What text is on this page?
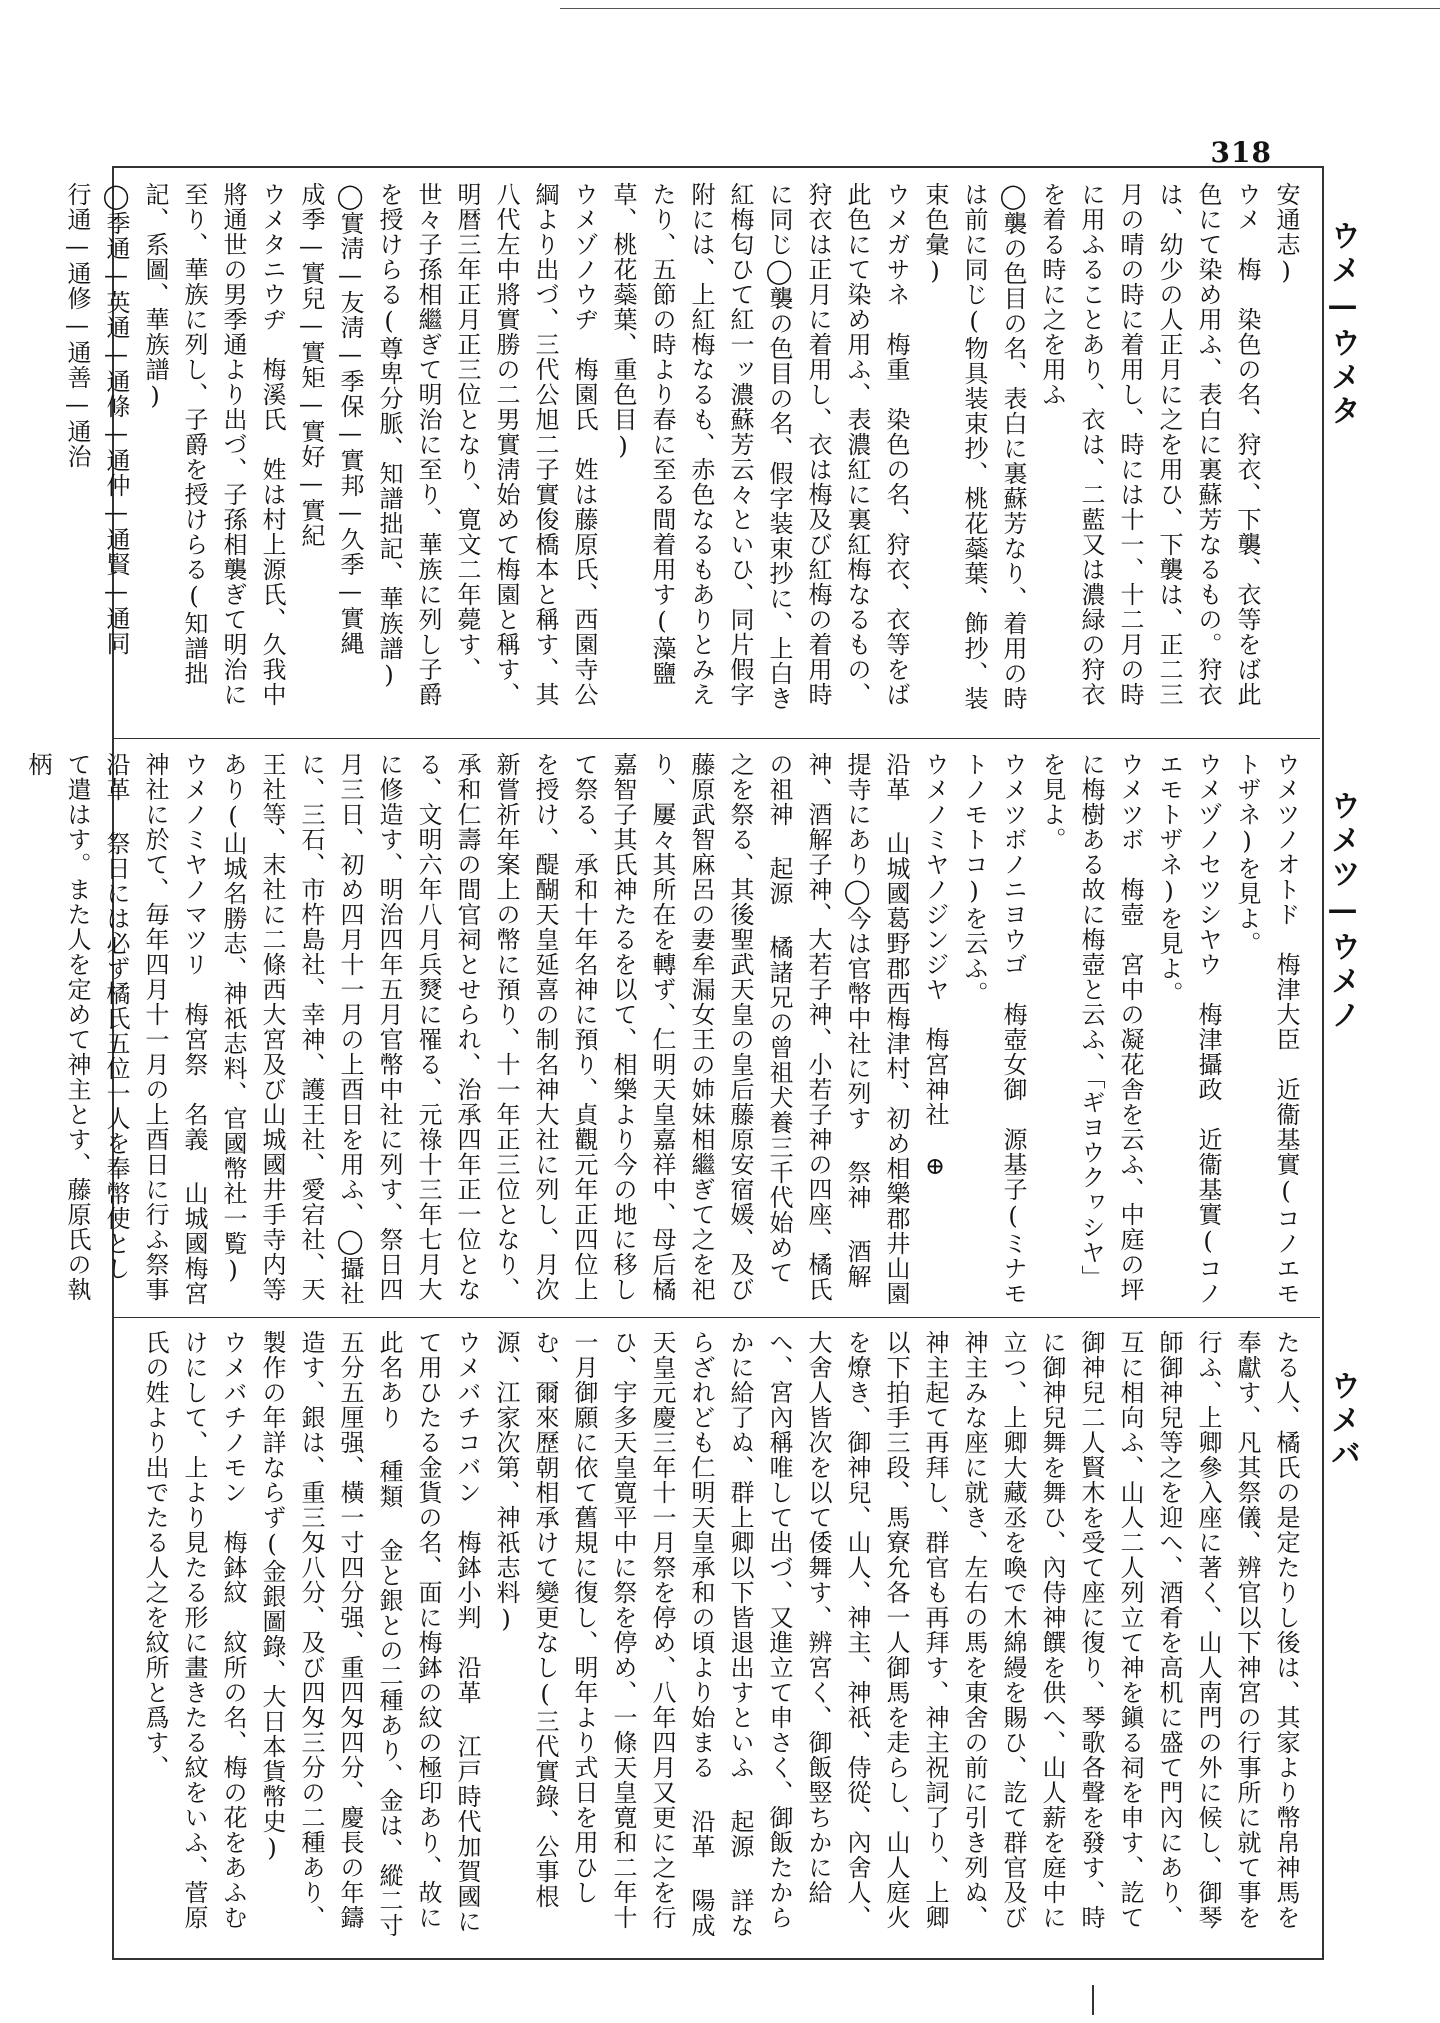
318
ウメ—ウメタ
ウメツ—ウメノ
ウメバ

安通志)

ウメ　梅　染色の名、狩衣、下襲、衣等をば此色にて染め用ふ、表白に裏蘇芳なるもの。狩衣は、幼少の人正月に之を用ひ、下襲は、正二三月の晴の時に着用し、時には十一、十二月の時に用ふることあり、衣は、二藍又は濃緑の狩衣を着る時に之を用ふ

◯襲の色目の名、表白に裏蘇芳なり、着用の時は前に同じ(物具装束抄、桃花蘂葉、飾抄、装束色彙)

ウメガサネ　梅重　染色の名、狩衣、衣等をば此色にて染め用ふ、表濃紅に裏紅梅なるもの、狩衣は正月に着用し、衣は梅及び紅梅の着用時に同じ◯襲の色目の名、假字装束抄に、上白き紅梅匂ひて紅一ッ濃蘇芳云々といひ、同片假字附には、上紅梅なるも、赤色なるもありとみえたり、五節の時より春に至る間着用す(藻鹽草、桃花蘂葉、重色目)

ウメゾノウヂ　梅園氏　姓は藤原氏、西園寺公綱より出づ、三代公旭二子實俊橋本と稱す、其八代左中將實勝の二男實淸始めて梅園と稱す、明暦三年正月正三位となり、寛文二年薨す、世々子孫相繼ぎて明治に至り、華族に列し子爵を授けらる(尊卑分脈、知譜拙記、華族譜)

◯實淸—友淸—季保—實邦—久季—實縄

成季—實兒—實矩—實好—實紀

ウメタニウヂ　梅溪氏　姓は村上源氏、久我中將通世の男季通より出づ、子孫相襲ぎて明治に至り、華族に列し、子爵を授けらる(知譜拙記、系圖、華族譜)

◯季通—英通—通條—通仲—通賢—通同

行通—通修—通善—通治

ウメツノオトド　梅津大臣　近衞基實(コノエモトザネ)を見よ。

ウメヅノセツシヤウ　梅津攝政　近衞基實(コノエモトザネ)を見よ。

ウメツボ　梅壺　宮中の凝花舎を云ふ、中庭の坪に梅樹ある故に梅壺と云ふ、「ギヨウクヮシヤ」を見よ。

ウメツボノニヨウゴ　梅壺女御　源基子(ミナモトノモトコ)を云ふ。

ウメノミヤノジンジヤ　梅宮神社　⊕

沿革 山城國葛野郡西梅津村、初め相樂郡井山園提寺にあり◯今は官幣中社に列す 祭神 酒解神、酒解子神、大若子神、小若子神の四座、橘氏の祖神 起源 橘諸兄の曾祖犬養三千代始めて之を祭る、其後聖武天皇の皇后藤原安宿媛、及び藤原武智麻呂の妻牟漏女王の姉妹相繼ぎて之を祀り、屢々其所在を轉ず、仁明天皇嘉祥中、母后橘嘉智子其氏神たるを以て、相樂より今の地に移して祭る、承和十年名神に預り、貞觀元年正四位上を授け、醍醐天皇延喜の制名神大社に列し、月次新嘗祈年案上の幣に預り、十一年正三位となり、承和仁壽の間官祠とせられ、治承四年正一位となる、文明六年八月兵燹に罹る、元祿十三年七月大に修造す、明治四年五月官幣中社に列す、祭日四月三日、初め四月十一月の上酉日を用ふ、◯攝社に、三石、市杵島社、幸神、護王社、愛宕社、天王社等、末社に二條西大宮及び山城國井手寺内等あり(山城名勝志、神祇志料、官國幣社一覧)

ウメノミヤノマツリ　梅宮祭　名義 山城國梅宮神社に於て、毎年四月十一月の上酉日に行ふ祭事 沿革 祭日には必ず橘氏五位一人を奉幣使とし て遣はす。また人を定めて神主とす、藤原氏の執柄

たる人、橘氏の是定たりし後は、其家より幣帛神馬を奉獻す、凡其祭儀、辨官以下神宮の行事所に就て事を行ふ、上卿參入座に著く、山人南門の外に候し、御琴師御神兒等之を迎へ、酒肴を高机に盛て門內にあり、互に相向ふ、山人二人列立て神を鎭る祠を申す、訖て御神兒二人賢木を受て座に復り、琴歌各聲を發す、時に御神兒舞を舞ひ、內侍神饌を供へ、山人薪を庭中に立つ、上卿大藏丞を喚で木綿縵を賜ひ、訖て群官及び神主みな座に就き、左右の馬を東舍の前に引き列ぬ、神主起て再拜し、群官も再拜す、神主祝詞了り、上卿以下拍手三段、馬寮允各一人御馬を走らし、山人庭火を燎き、御神兒、山人、神主、神祇、侍從、內舍人、大舍人皆次を以て倭舞す、辨宮く、御飯竪ちかに給へ、宮內稱唯して出づ、又進立て申さく、御飯たからかに給了ぬ、群上卿以下皆退出すといふ 起源 詳ならざれども仁明天皇承和の頃より始まる 沿革 陽成天皇元慶三年十一月祭を停め、八年四月又更に之を行ひ、宇多天皇寛平中に祭を停め、一條天皇寛和二年十一月御願に依て舊規に復し、明年より式日を用ひしむ、爾來歷朝相承けて變更なし(三代實錄、公事根源、江家次第、神祇志料)

ウメバチコバン　梅鉢小判　沿革 江戸時代加賀國にて用ひたる金貨の名、面に梅鉢の紋の極印あり、故に此名あり 種類 金と銀との二種あり、金は、縱二寸五分五厘强、橫一寸四分强、重四匁四分、慶長の年鑄造す、銀は、重三匁八分、及び四匁三分の二種あり、製作の年詳ならず(金銀圖錄、大日本貨幣史)

ウメバチノモン　梅鉢紋　紋所の名、梅の花をあふむけにして、上より見たる形に畫きたる紋をいふ、菅原氏の姓より出でたる人之を紋所と爲す、
